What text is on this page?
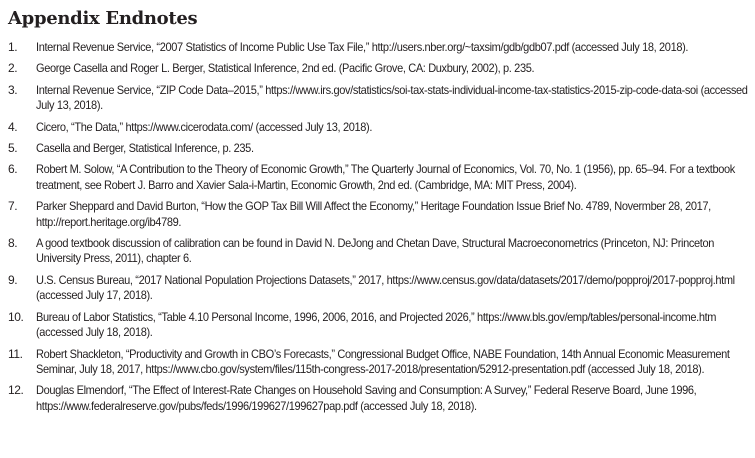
Appendix Endnotes
1.	Internal Revenue Service, “2007 Statistics of Income Public Use Tax File,” http://users.nber.org/~taxsim/gdb/gdb07.pdf (accessed July 18, 2018).
2.	George Casella and Roger L. Berger, Statistical Inference, 2nd ed. (Pacific Grove, CA: Duxbury, 2002), p. 235.
3.	Internal Revenue Service, “ZIP Code Data–2015,” https://www.irs.gov/statistics/soi-tax-stats-individual-income-tax-statistics-2015-zip-code-data-soi (accessed July 13, 2018).
4.	Cicero, “The Data,” https://www.cicerodata.com/ (accessed July 13, 2018).
5.	Casella and Berger, Statistical Inference, p. 235.
6.	Robert M. Solow, “A Contribution to the Theory of Economic Growth,” The Quarterly Journal of Economics, Vol. 70, No. 1 (1956), pp. 65–94. For a textbook treatment, see Robert J. Barro and Xavier Sala-i-Martin, Economic Growth, 2nd ed. (Cambridge, MA: MIT Press, 2004).
7.	Parker Sheppard and David Burton, “How the GOP Tax Bill Will Affect the Economy,” Heritage Foundation Issue Brief No. 4789, Novermber 28, 2017, http://report.heritage.org/ib4789.
8.	A good textbook discussion of calibration can be found in David N. DeJong and Chetan Dave, Structural Macroeconometrics (Princeton, NJ: Princeton University Press, 2011), chapter 6.
9.	U.S. Census Bureau, “2017 National Population Projections Datasets,” 2017, https://www.census.gov/data/datasets/2017/demo/popproj/2017-popproj.html (accessed July 17, 2018).
10.	Bureau of Labor Statistics, “Table 4.10 Personal Income, 1996, 2006, 2016, and Projected 2026,” https://www.bls.gov/emp/tables/personal-income.htm (accessed July 18, 2018).
11.	Robert Shackleton, “Productivity and Growth in CBO’s Forecasts,” Congressional Budget Office, NABE Foundation, 14th Annual Economic Measurement Seminar, July 18, 2017, https://www.cbo.gov/system/files/115th-congress-2017-2018/presentation/52912-presentation.pdf (accessed July 18, 2018).
12.	Douglas Elmendorf, “The Effect of Interest-Rate Changes on Household Saving and Consumption: A Survey,” Federal Reserve Board, June 1996, https://www.federalreserve.gov/pubs/feds/1996/199627/199627pap.pdf (accessed July 18, 2018).
